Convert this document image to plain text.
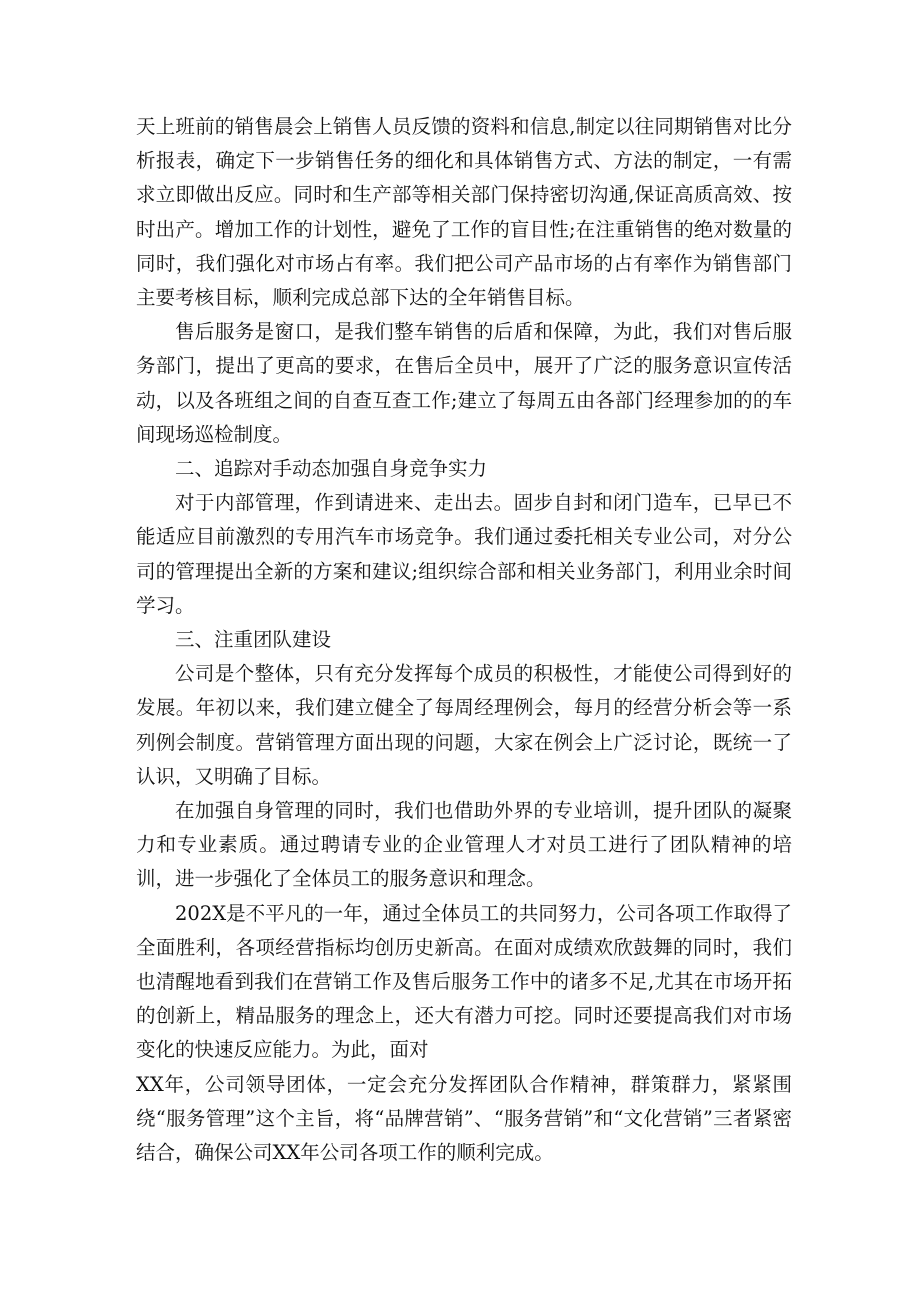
天上班前的销售晨会上销售人员反馈的资料和信息,制定以往同期销售对比分析报表，确定下一步销售任务的细化和具体销售方式、方法的制定，一有需求立即做出反应。同时和生产部等相关部门保持密切沟通,保证高质高效、按时出产。增加工作的计划性，避免了工作的盲目性;在注重销售的绝对数量的同时，我们强化对市场占有率。我们把公司产品市场的占有率作为销售部门主要考核目标，顺利完成总部下达的全年销售目标。

售后服务是窗口，是我们整车销售的后盾和保障，为此，我们对售后服务部门，提出了更高的要求，在售后全员中，展开了广泛的服务意识宣传活动，以及各班组之间的自查互查工作;建立了每周五由各部门经理参加的的车间现场巡检制度。

二、追踪对手动态加强自身竞争实力

对于内部管理，作到请进来、走出去。固步自封和闭门造车，已早已不能适应目前激烈的专用汽车市场竞争。我们通过委托相关专业公司，对分公司的管理提出全新的方案和建议;组织综合部和相关业务部门，利用业余时间学习。

三、注重团队建设

公司是个整体，只有充分发挥每个成员的积极性，才能使公司得到好的发展。年初以来，我们建立健全了每周经理例会，每月的经营分析会等一系列例会制度。营销管理方面出现的问题，大家在例会上广泛讨论，既统一了认识，又明确了目标。

在加强自身管理的同时，我们也借助外界的专业培训，提升团队的凝聚力和专业素质。通过聘请专业的企业管理人才对员工进行了团队精神的培训，进一步强化了全体员工的服务意识和理念。

202X是不平凡的一年，通过全体员工的共同努力，公司各项工作取得了全面胜利，各项经营指标均创历史新高。在面对成绩欢欣鼓舞的同时，我们也清醒地看到我们在营销工作及售后服务工作中的诸多不足,尤其在市场开拓的创新上，精品服务的理念上，还大有潜力可挖。同时还要提高我们对市场变化的快速反应能力。为此，面对

XX年，公司领导团体，一定会充分发挥团队合作精神，群策群力，紧紧围绕“服务管理”这个主旨，将“品牌营销”、“服务营销”和“文化营销”三者紧密结合，确保公司XX年公司各项工作的顺利完成。
